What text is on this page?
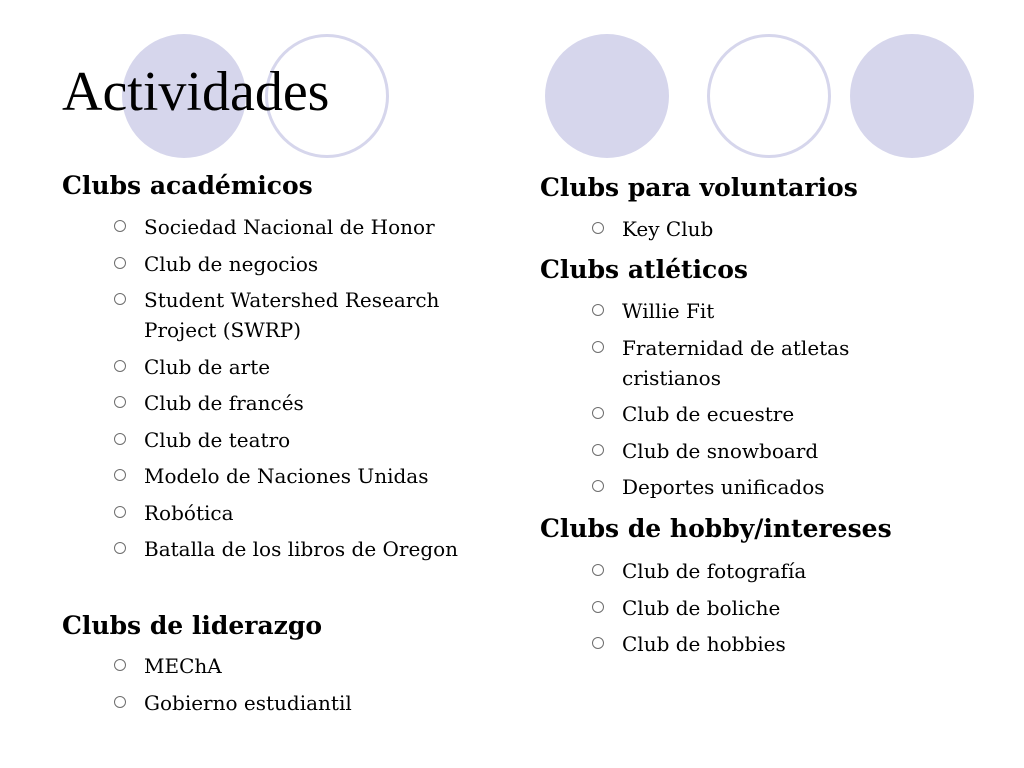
Actividades
Clubs académicos
Sociedad Nacional de Honor
Club de negocios
Student Watershed Research Project (SWRP)
Club de arte
Club de francés
Club de teatro
Modelo de Naciones Unidas
Robótica
Batalla de los libros de Oregon
Clubs de liderazgo
MEChA
Gobierno estudiantil
Clubs para voluntarios
Key Club
Clubs atléticos
Willie Fit
Fraternidad de atletas cristianos
Club de ecuestre
Club de snowboard
Deportes unificados
Clubs de hobby/intereses
Club de fotografía
Club de boliche
Club de hobbies
